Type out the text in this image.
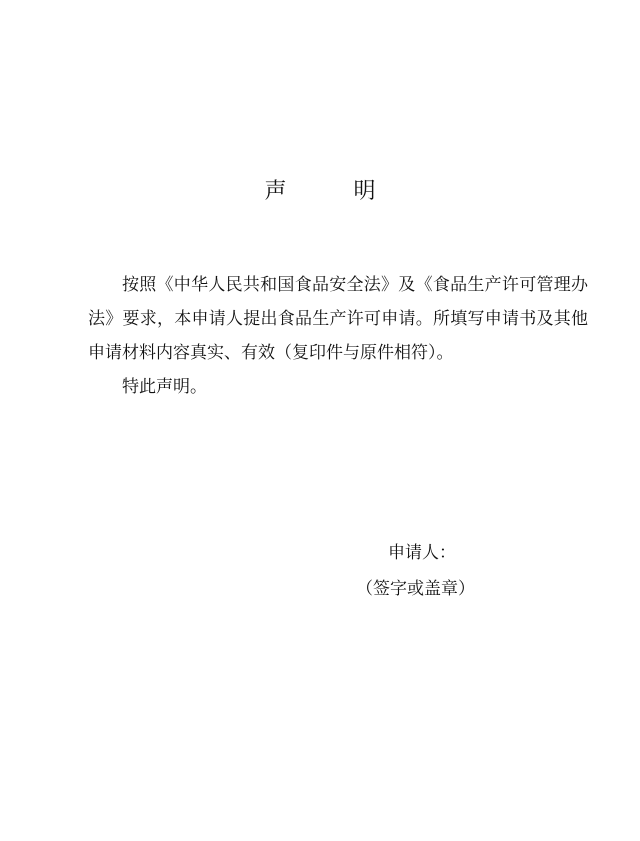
声 明

按照《中华人民共和国食品安全法》及《食品生产许可管理办法》要求，本申请人提出食品生产许可申请。所填写申请书及其他申请材料内容真实、有效（复印件与原件相符）。

特此声明。

申请人：
（签字或盖章）
